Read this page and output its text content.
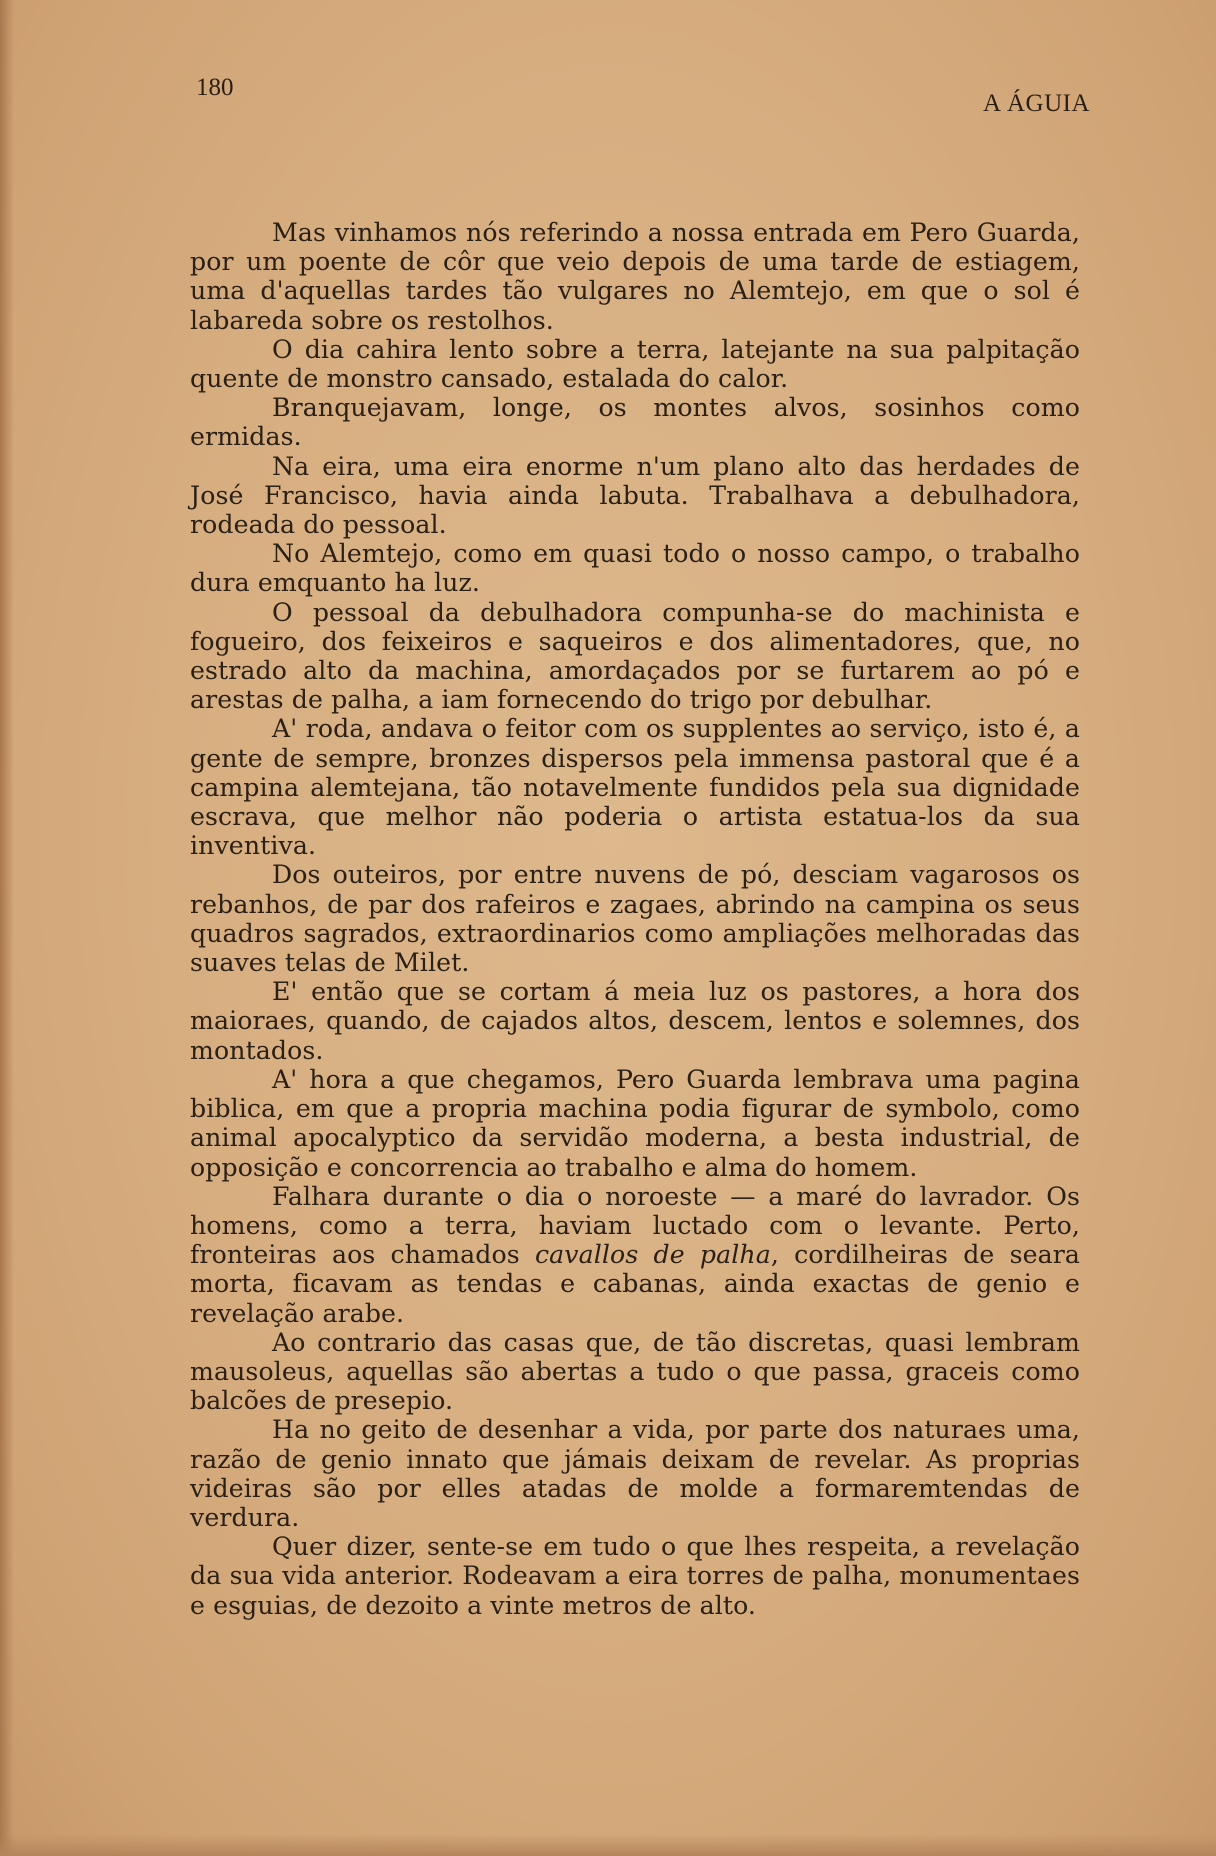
180
A ÁGUIA

Mas vinhamos nós referindo a nossa entrada em Pero Guarda, por um poente de côr que veio depois de uma tarde de estiagem, uma d'aquellas tardes tão vulgares no Alemtejo, em que o sol é labareda sobre os restolhos.

O dia cahira lento sobre a terra, latejante na sua palpitação quente de monstro cansado, estalada do calor.

Branquejavam, longe, os montes alvos, sosinhos como ermidas.

Na eira, uma eira enorme n'um plano alto das herdades de José Francisco, havia ainda labuta. Trabalhava a debulhadora, rodeada do pessoal.

No Alemtejo, como em quasi todo o nosso campo, o trabalho dura emquanto ha luz.

O pessoal da debulhadora compunha-se do machinista e fogueiro, dos feixeiros e saqueiros e dos alimentadores, que, no estrado alto da machina, amordaçados por se furtarem ao pó e arestas de palha, a iam fornecendo do trigo por debulhar.

A' roda, andava o feitor com os supplentes ao serviço, isto é, a gente de sempre, bronzes dispersos pela immensa pastoral que é a campina alemtejana, tão notavelmente fundidos pela sua dignidade escrava, que melhor não poderia o artista estatua-los da sua inventiva.

Dos outeiros, por entre nuvens de pó, desciam vagarosos os rebanhos, de par dos rafeiros e zagaes, abrindo na campina os seus quadros sagrados, extraordinarios como ampliações melhoradas das suaves telas de Milet.

E' então que se cortam á meia luz os pastores, a hora dos maioraes, quando, de cajados altos, descem, lentos e solemnes, dos montados.

A' hora a que chegamos, Pero Guarda lembrava uma pagina biblica, em que a propria machina podia figurar de symbolo, como animal apocalyptico da servidão moderna, a besta industrial, de opposição e concorrencia ao trabalho e alma do homem.

Falhara durante o dia o noroeste — a maré do lavrador. Os homens, como a terra, haviam luctado com o levante. Perto, fronteiras aos chamados cavallos de palha, cordilheiras de seara morta, ficavam as tendas e cabanas, ainda exactas de genio e revelação arabe.

Ao contrario das casas que, de tão discretas, quasi lembram mausoleus, aquellas são abertas a tudo o que passa, graceis como balcões de presepio.

Ha no geito de desenhar a vida, por parte dos naturaes uma, razão de genio innato que jámais deixam de revelar. As proprias videiras são por elles atadas de molde a formaremtendas de verdura.

Quer dizer, sente-se em tudo o que lhes respeita, a revelação da sua vida anterior. Rodeavam a eira torres de palha, monumentaes e esguias, de dezoito a vinte metros de alto.
